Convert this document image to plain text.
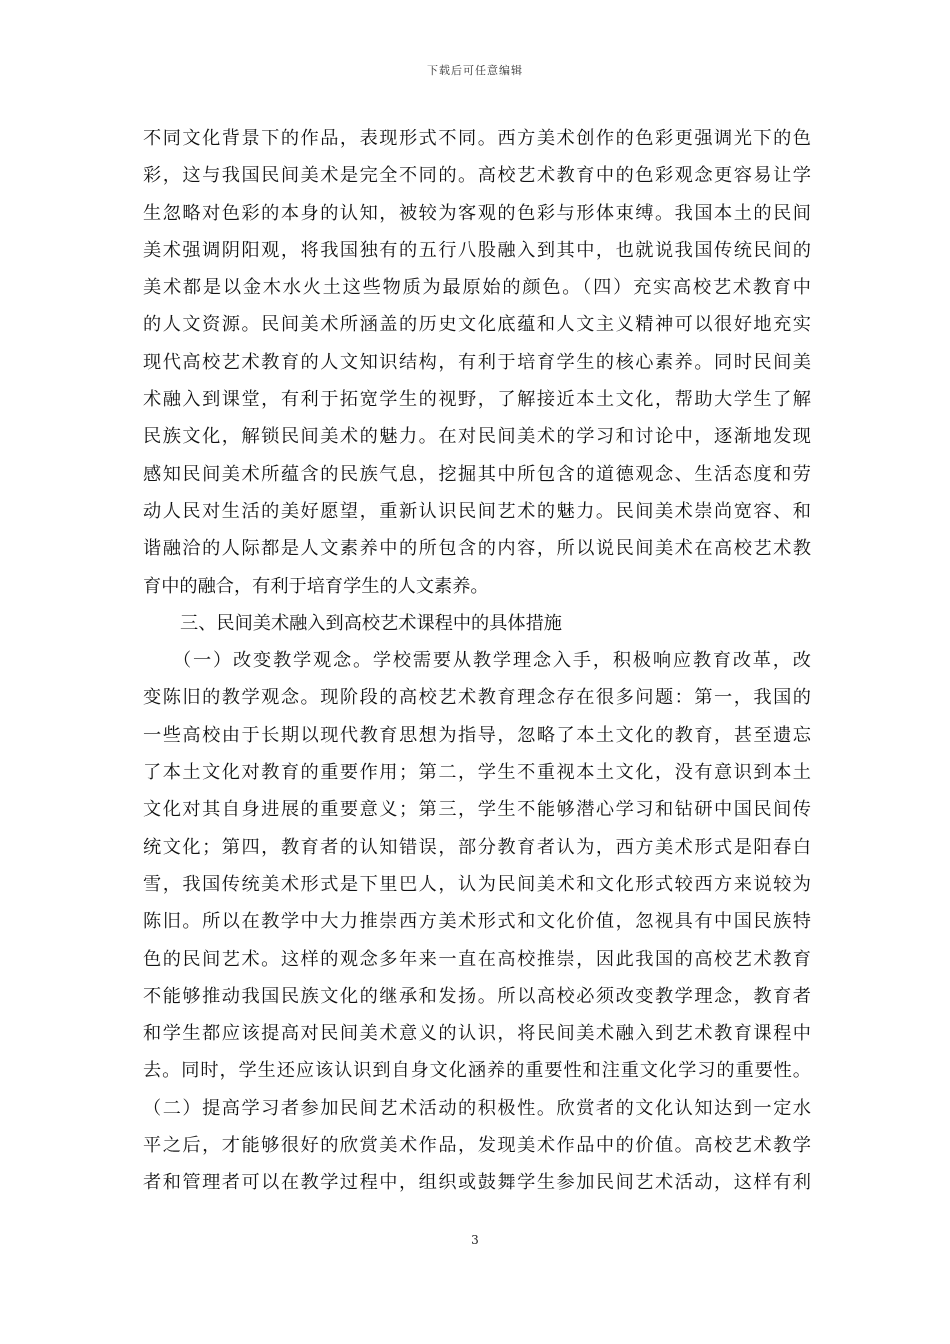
下载后可任意编辑
不同文化背景下的作品，表现形式不同。西方美术创作的色彩更强调光下的色
彩，这与我国民间美术是完全不同的。高校艺术教育中的色彩观念更容易让学
生忽略对色彩的本身的认知，被较为客观的色彩与形体束缚。我国本土的民间
美术强调阴阳观，将我国独有的五行八股融入到其中，也就说我国传统民间的
美术都是以金木水火土这些物质为最原始的颜色。（四）充实高校艺术教育中
的人文资源。民间美术所涵盖的历史文化底蕴和人文主义精神可以很好地充实
现代高校艺术教育的人文知识结构，有利于培育学生的核心素养。同时民间美
术融入到课堂，有利于拓宽学生的视野，了解接近本土文化，帮助大学生了解
民族文化，解锁民间美术的魅力。在对民间美术的学习和讨论中，逐渐地发现
感知民间美术所蕴含的民族气息，挖掘其中所包含的道德观念、生活态度和劳
动人民对生活的美好愿望，重新认识民间艺术的魅力。民间美术崇尚宽容、和
谐融洽的人际都是人文素养中的所包含的内容，所以说民间美术在高校艺术教
育中的融合，有利于培育学生的人文素养。
三、民间美术融入到高校艺术课程中的具体措施
（一）改变教学观念。学校需要从教学理念入手，积极响应教育改革，改
变陈旧的教学观念。现阶段的高校艺术教育理念存在很多问题：第一，我国的
一些高校由于长期以现代教育思想为指导，忽略了本土文化的教育，甚至遗忘
了本土文化对教育的重要作用；第二，学生不重视本土文化，没有意识到本土
文化对其自身进展的重要意义；第三，学生不能够潜心学习和钻研中国民间传
统文化；第四，教育者的认知错误，部分教育者认为，西方美术形式是阳春白
雪，我国传统美术形式是下里巴人，认为民间美术和文化形式较西方来说较为
陈旧。所以在教学中大力推崇西方美术形式和文化价值，忽视具有中国民族特
色的民间艺术。这样的观念多年来一直在高校推崇，因此我国的高校艺术教育
不能够推动我国民族文化的继承和发扬。所以高校必须改变教学理念，教育者
和学生都应该提高对民间美术意义的认识，将民间美术融入到艺术教育课程中
去。同时，学生还应该认识到自身文化涵养的重要性和注重文化学习的重要性。
（二）提高学习者参加民间艺术活动的积极性。欣赏者的文化认知达到一定水
平之后，才能够很好的欣赏美术作品，发现美术作品中的价值。高校艺术教学
者和管理者可以在教学过程中，组织或鼓舞学生参加民间艺术活动，这样有利
3
